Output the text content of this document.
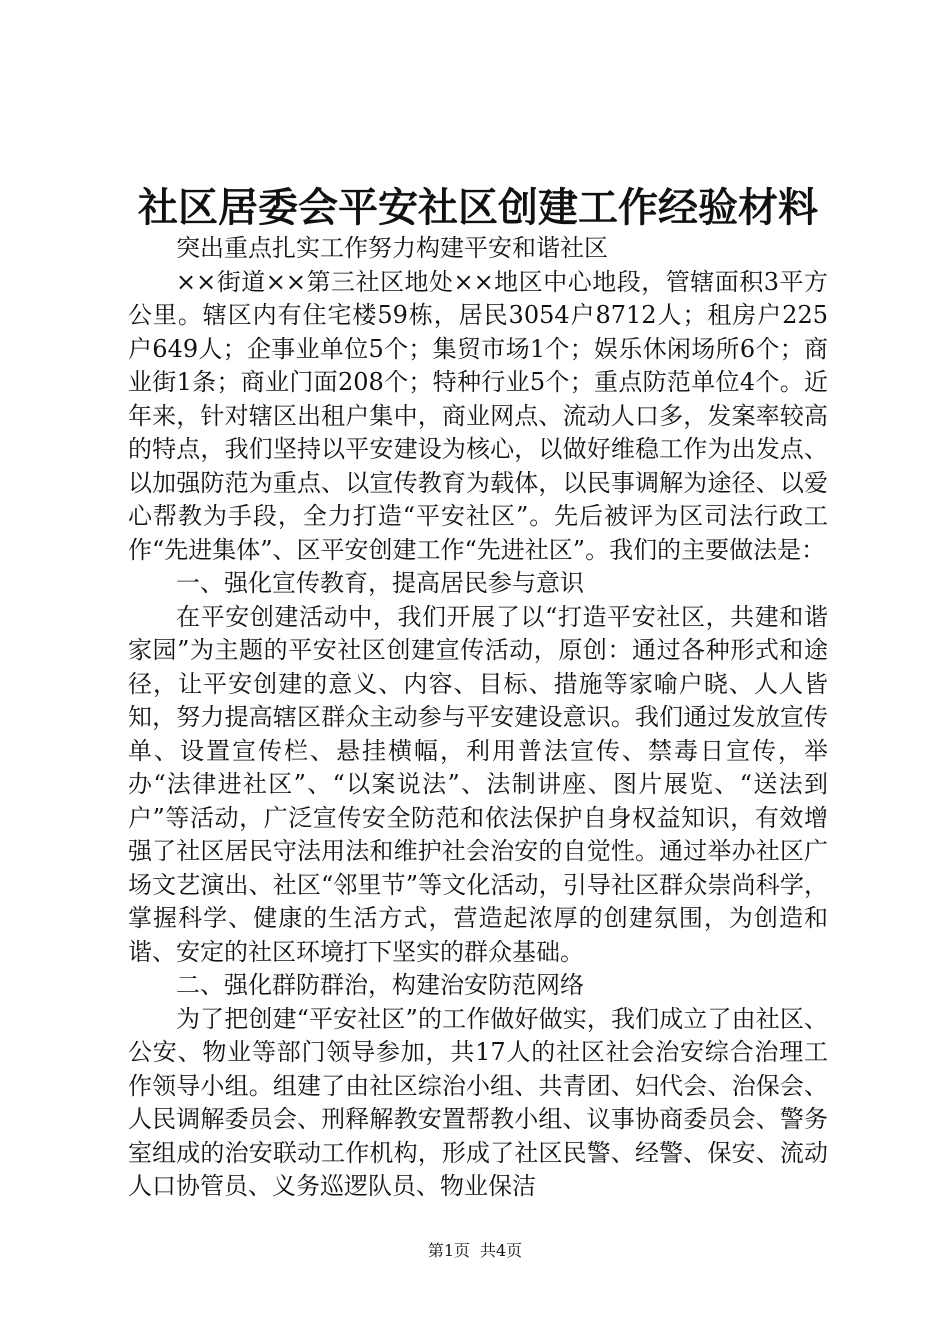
社区居委会平安社区创建工作经验材料

突出重点扎实工作努力构建平安和谐社区

××街道××第三社区地处××地区中心地段，管辖面积3平方公里。辖区内有住宅楼59栋，居民3054户8712人；租房户225户649人；企事业单位5个；集贸市场1个；娱乐休闲场所6个；商业街1条；商业门面208个；特种行业5个；重点防范单位4个。近年来，针对辖区出租户集中，商业网点、流动人口多，发案率较高的特点，我们坚持以平安建设为核心，以做好维稳工作为出发点、以加强防范为重点、以宣传教育为载体，以民事调解为途径、以爱心帮教为手段，全力打造“平安社区”。先后被评为区司法行政工作“先进集体”、区平安创建工作“先进社区”。我们的主要做法是：

一、强化宣传教育，提高居民参与意识

在平安创建活动中，我们开展了以“打造平安社区，共建和谐家园”为主题的平安社区创建宣传活动，原创：通过各种形式和途径，让平安创建的意义、内容、目标、措施等家喻户晓、人人皆知，努力提高辖区群众主动参与平安建设意识。我们通过发放宣传单、设置宣传栏、悬挂横幅，利用普法宣传、禁毒日宣传，举办“法律进社区”、“以案说法”、法制讲座、图片展览、“送法到户”等活动，广泛宣传安全防范和依法保护自身权益知识，有效增强了社区居民守法用法和维护社会治安的自觉性。通过举办社区广场文艺演出、社区“邻里节”等文化活动，引导社区群众崇尚科学，掌握科学、健康的生活方式，营造起浓厚的创建氛围，为创造和谐、安定的社区环境打下坚实的群众基础。

二、强化群防群治，构建治安防范网络

为了把创建“平安社区”的工作做好做实，我们成立了由社区、公安、物业等部门领导参加，共17人的社区社会治安综合治理工作领导小组。组建了由社区综治小组、共青团、妇代会、治保会、人民调解委员会、刑释解教安置帮教小组、议事协商委员会、警务室组成的治安联动工作机构，形成了社区民警、经警、保安、流动人口协管员、义务巡逻队员、物业保洁

第1页 共4页
